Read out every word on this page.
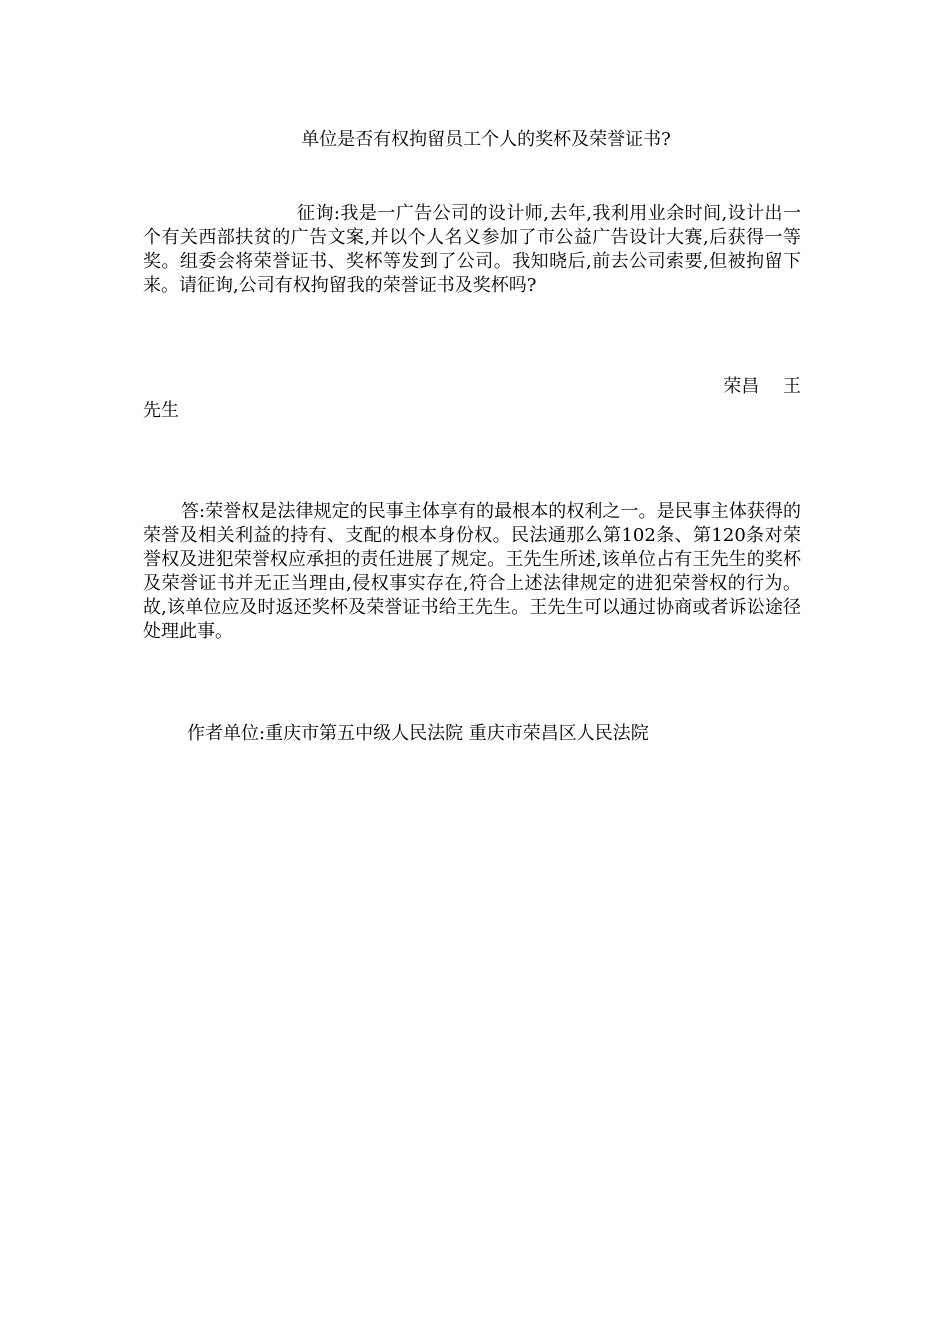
单位是否有权拘留员工个人的奖杯及荣誉证书?

征询:我是一广告公司的设计师,去年,我利用业余时间,设计出一个有关西部扶贫的广告文案,并以个人名义参加了市公益广告设计大赛,后获得一等奖。组委会将荣誉证书、奖杯等发到了公司。我知晓后,前去公司索要,但被拘留下来。请征询,公司有权拘留我的荣誉证书及奖杯吗?

荣昌 王
先生

答:荣誉权是法律规定的民事主体享有的最根本的权利之一。是民事主体获得的荣誉及相关利益的持有、支配的根本身份权。民法通那么第102条、第120条对荣誉权及进犯荣誉权应承担的责任进展了规定。王先生所述,该单位占有王先生的奖杯及荣誉证书并无正当理由,侵权事实存在,符合上述法律规定的进犯荣誉权的行为。故,该单位应及时返还奖杯及荣誉证书给王先生。王先生可以通过协商或者诉讼途径处理此事。

作者单位:重庆市第五中级人民法院 重庆市荣昌区人民法院
